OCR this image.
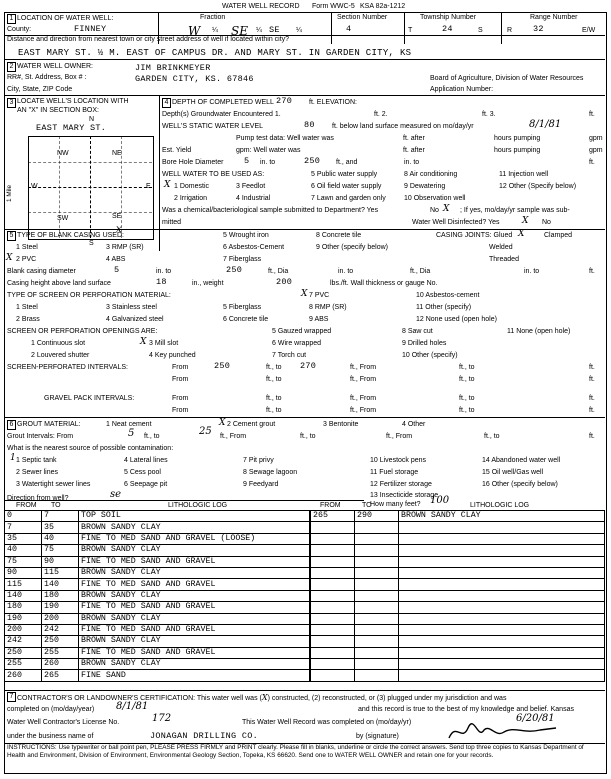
WATER WELL RECORD Form WWC-5 KSA 82a-1212
1 LOCATION OF WATER WELL:
County:	FINNEY
Fraction
W ¼ SE ¼ SE ¼
Section Number
4
Township Number
T	24	S
Range Number
R 32	E/W
Distance and direction from nearest town or city street address of well if located within city?
EAST MARY ST. ½ M. EAST OF CAMPUS DR. AND MARY ST. IN GARDEN CITY, KS
2 WATER WELL OWNER:	JIM BRINKMEYER
RR#, St. Address, Box # :	GARDEN CITY, KS. 67846
City, State, ZIP Code
Board of Agriculture, Division of Water Resources
Application Number:
3 LOCATE WELL'S LOCATION WITH
AN "X" IN SECTION BOX:
N
EAST MARY ST.
NW	NE
SW	SE
x
W	E
S
1 Mile
4 DEPTH OF COMPLETED WELL 270 ft. ELEVATION:
Depth(s) Groundwater Encountered 1.	ft. 2.	ft. 3.	ft.
WELL'S STATIC WATER LEVEL	80 ft. below land surface measured on mo/day/yr	8/1/81
Pump test data: Well water was	ft. after	hours pumping	gpm
Est. Yield	gpm: Well water was	ft. after	hours pumping	gpm
Bore Hole Diameter 5 in. to	250 ft., and	in. to	ft.
WELL WATER TO BE USED AS:	5 Public water supply	8 Air conditioning	11 Injection well
X 1 Domestic	3 Feedlot	6 Oil field water supply	9 Dewatering	12 Other (Specify below)
2 Irrigation	4 Industrial	7 Lawn and garden only	10 Observation well
Was a chemical/bacteriological sample submitted to Department? Yes	No X ; If yes, mo/day/yr sample was sub-
mitted	Water Well Disinfected? Yes X No
5 TYPE OF BLANK CASING USED:	5 Wrought iron	8 Concrete tile	CASING JOINTS: Glued X	Clamped
1 Steel	3 RMP (SR)	6 Asbestos-Cement	9 Other (specify below)	Welded
X 2 PVC	4 ABS	7 Fiberglass	Threaded
Blank casing diameter	5	in. to	250	ft., Dia	in. to	ft., Dia	in. to	ft.
Casing height above land surface	18	in., weight	200	lbs./ft. Wall thickness or gauge No.
TYPE OF SCREEN OR PERFORATION MATERIAL:	X 7 PVC	10 Asbestos-cement
1 Steel	3 Stainless steel	5 Fiberglass	8 RMP (SR)	11 Other (specify)
2 Brass	4 Galvanized steel	6 Concrete tile	9 ABS	12 None used (open hole)
SCREEN OR PERFORATION OPENINGS ARE:	5 Gauzed wrapped	8 Saw cut	11 None (open hole)
1 Continuous slot	X 3 Mill slot	6 Wire wrapped	9 Drilled holes
2 Louvered shutter	4 Key punched	7 Torch cut	10 Other (specify)
SCREEN-PERFORATED INTERVALS:	From	250	ft., to 270	ft., From	ft., to	ft.
From	ft., to	ft., From	ft., to	ft.
GRAVEL PACK INTERVALS:	From	ft., to	ft., From	ft., to	ft.
From	ft., to	ft., From	ft., to	ft.
6 GROUT MATERIAL:	1 Neat cement	X 2 Cement grout	3 Bentonite	4 Other
Grout Intervals: From	5 ft., to	25 ft., From	ft., to	ft., From	ft., to	ft.
What is the nearest source of possible contamination:
1 1 Septic tank	4 Lateral lines	7 Pit privy	10 Livestock pens	14 Abandoned water well
2 Sewer lines	5 Cess pool	8 Sewage lagoon	11 Fuel storage	15 Oil well/Gas well
3 Watertight sewer lines	6 Seepage pit	9 Feedyard	12 Fertilizer storage	16 Other (specify below)
13 Insecticide storage
Direction from well?	se
How many feet? 100
FROM TO	LITHOLOGIC LOG	FROM	TO	LITHOLOGIC LOG
0	7	TOP SOIL
7	35	BROWN SANDY CLAY
35	40	FINE TO MED SAND AND GRAVEL (LOOSE)
40	75	BROWN SANDY CLAY
75	90	FINE TO MED SAND AND GRAVEL
90	115	BROWN SANDY CLAY
115	140	FINE TO MED SAND AND GRAVEL
140	180	BROWN SANDY CLAY
180	190	FINE TO MED SAND AND GRAVEL
190	200	BROWN SANDY CLAY
200	242	FINE TO MED SAND AND GRAVEL
242	250	BROWN SANDY CLAY
250	255	FINE TO MED SAND AND GRAVEL
255	260	BROWN SANDY CLAY
260	265	FINE SAND
265	290	BROWN SANDY CLAY

7 CONTRACTOR'S OR LANDOWNER'S CERTIFICATION: This water well was (X) constructed, (2) reconstructed, or (3) plugged under my jurisdiction and was
completed on (mo/day/year) 8/1/81	and this record is true to the best of my knowledge and belief. Kansas
Water Well Contractor's License No.	172	This Water Well Record was completed on (mo/day/yr)	6/20/81
under the business name of	JONAGAN DRILLING CO.	by (signature)
INSTRUCTIONS: Use typewriter or ball point pen, PLEASE PRESS FIRMLY and PRINT clearly. Please fill in blanks, underline or circle the correct answers. Send top three copies to Kansas Department of Health and Environment, Division of Environment, Environmental Geology Section, Topeka, KS 66620. Send one to WATER WELL OWNER and retain one for your records.
